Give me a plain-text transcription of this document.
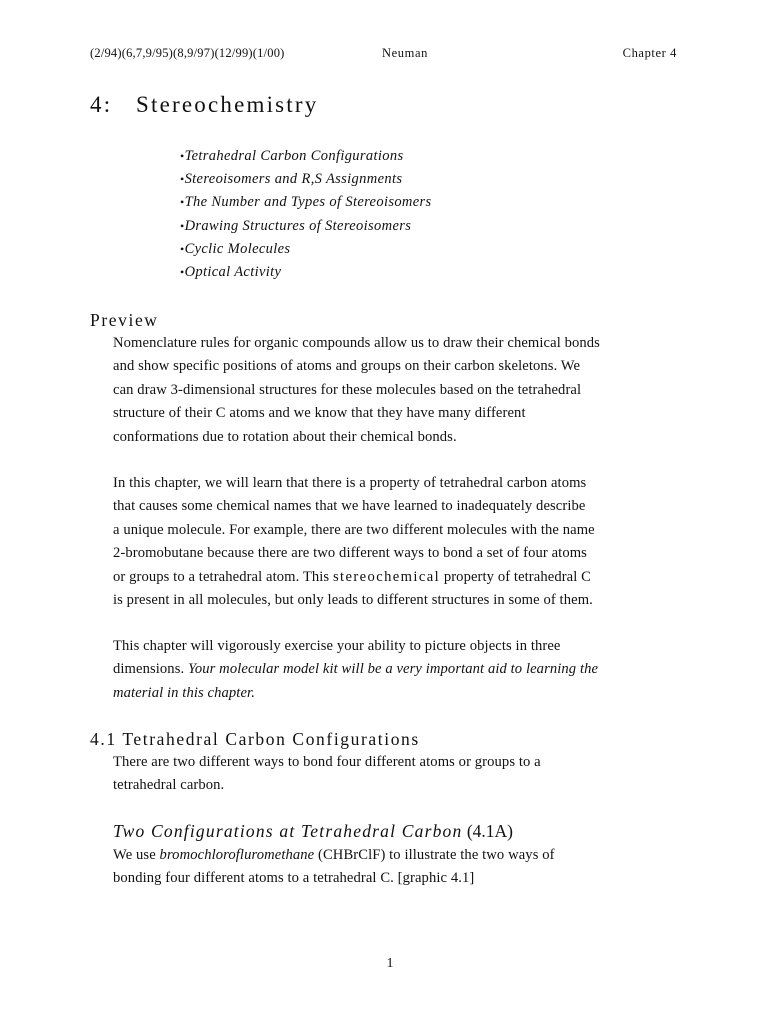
(2/94)(6,7,9/95)(8,9/97)(12/99)(1/00)	Neuman	Chapter 4
4: Stereochemistry
•Tetrahedral Carbon Configurations
•Stereoisomers and R,S Assignments
•The Number and Types of Stereoisomers
•Drawing Structures of Stereoisomers
•Cyclic Molecules
•Optical Activity
Preview

Nomenclature rules for organic compounds allow us to draw their chemical bonds
and show specific positions of atoms and groups on their carbon skeletons. We
can draw 3-dimensional structures for these molecules based on the tetrahedral
structure of their C atoms and we know that they have many different
conformations due to rotation about their chemical bonds.

In this chapter, we will learn that there is a property of tetrahedral carbon atoms
that causes some chemical names that we have learned to inadequately describe
a unique molecule. For example, there are two different molecules with the name
2-bromobutane because there are two different ways to bond a set of four atoms
or groups to a tetrahedral atom. This stereochemical property of tetrahedral C
is present in all molecules, but only leads to different structures in some of them.

This chapter will vigorously exercise your ability to picture objects in three
dimensions. Your molecular model kit will be a very important aid to learning the
material in this chapter.

4.1 Tetrahedral Carbon Configurations

There are two different ways to bond four different atoms or groups to a
tetrahedral carbon.

Two Configurations at Tetrahedral Carbon (4.1A)

We use bromochlorofluromethane (CHBrClF) to illustrate the two ways of
bonding four different atoms to a tetrahedral C. [graphic 4.1]

1
